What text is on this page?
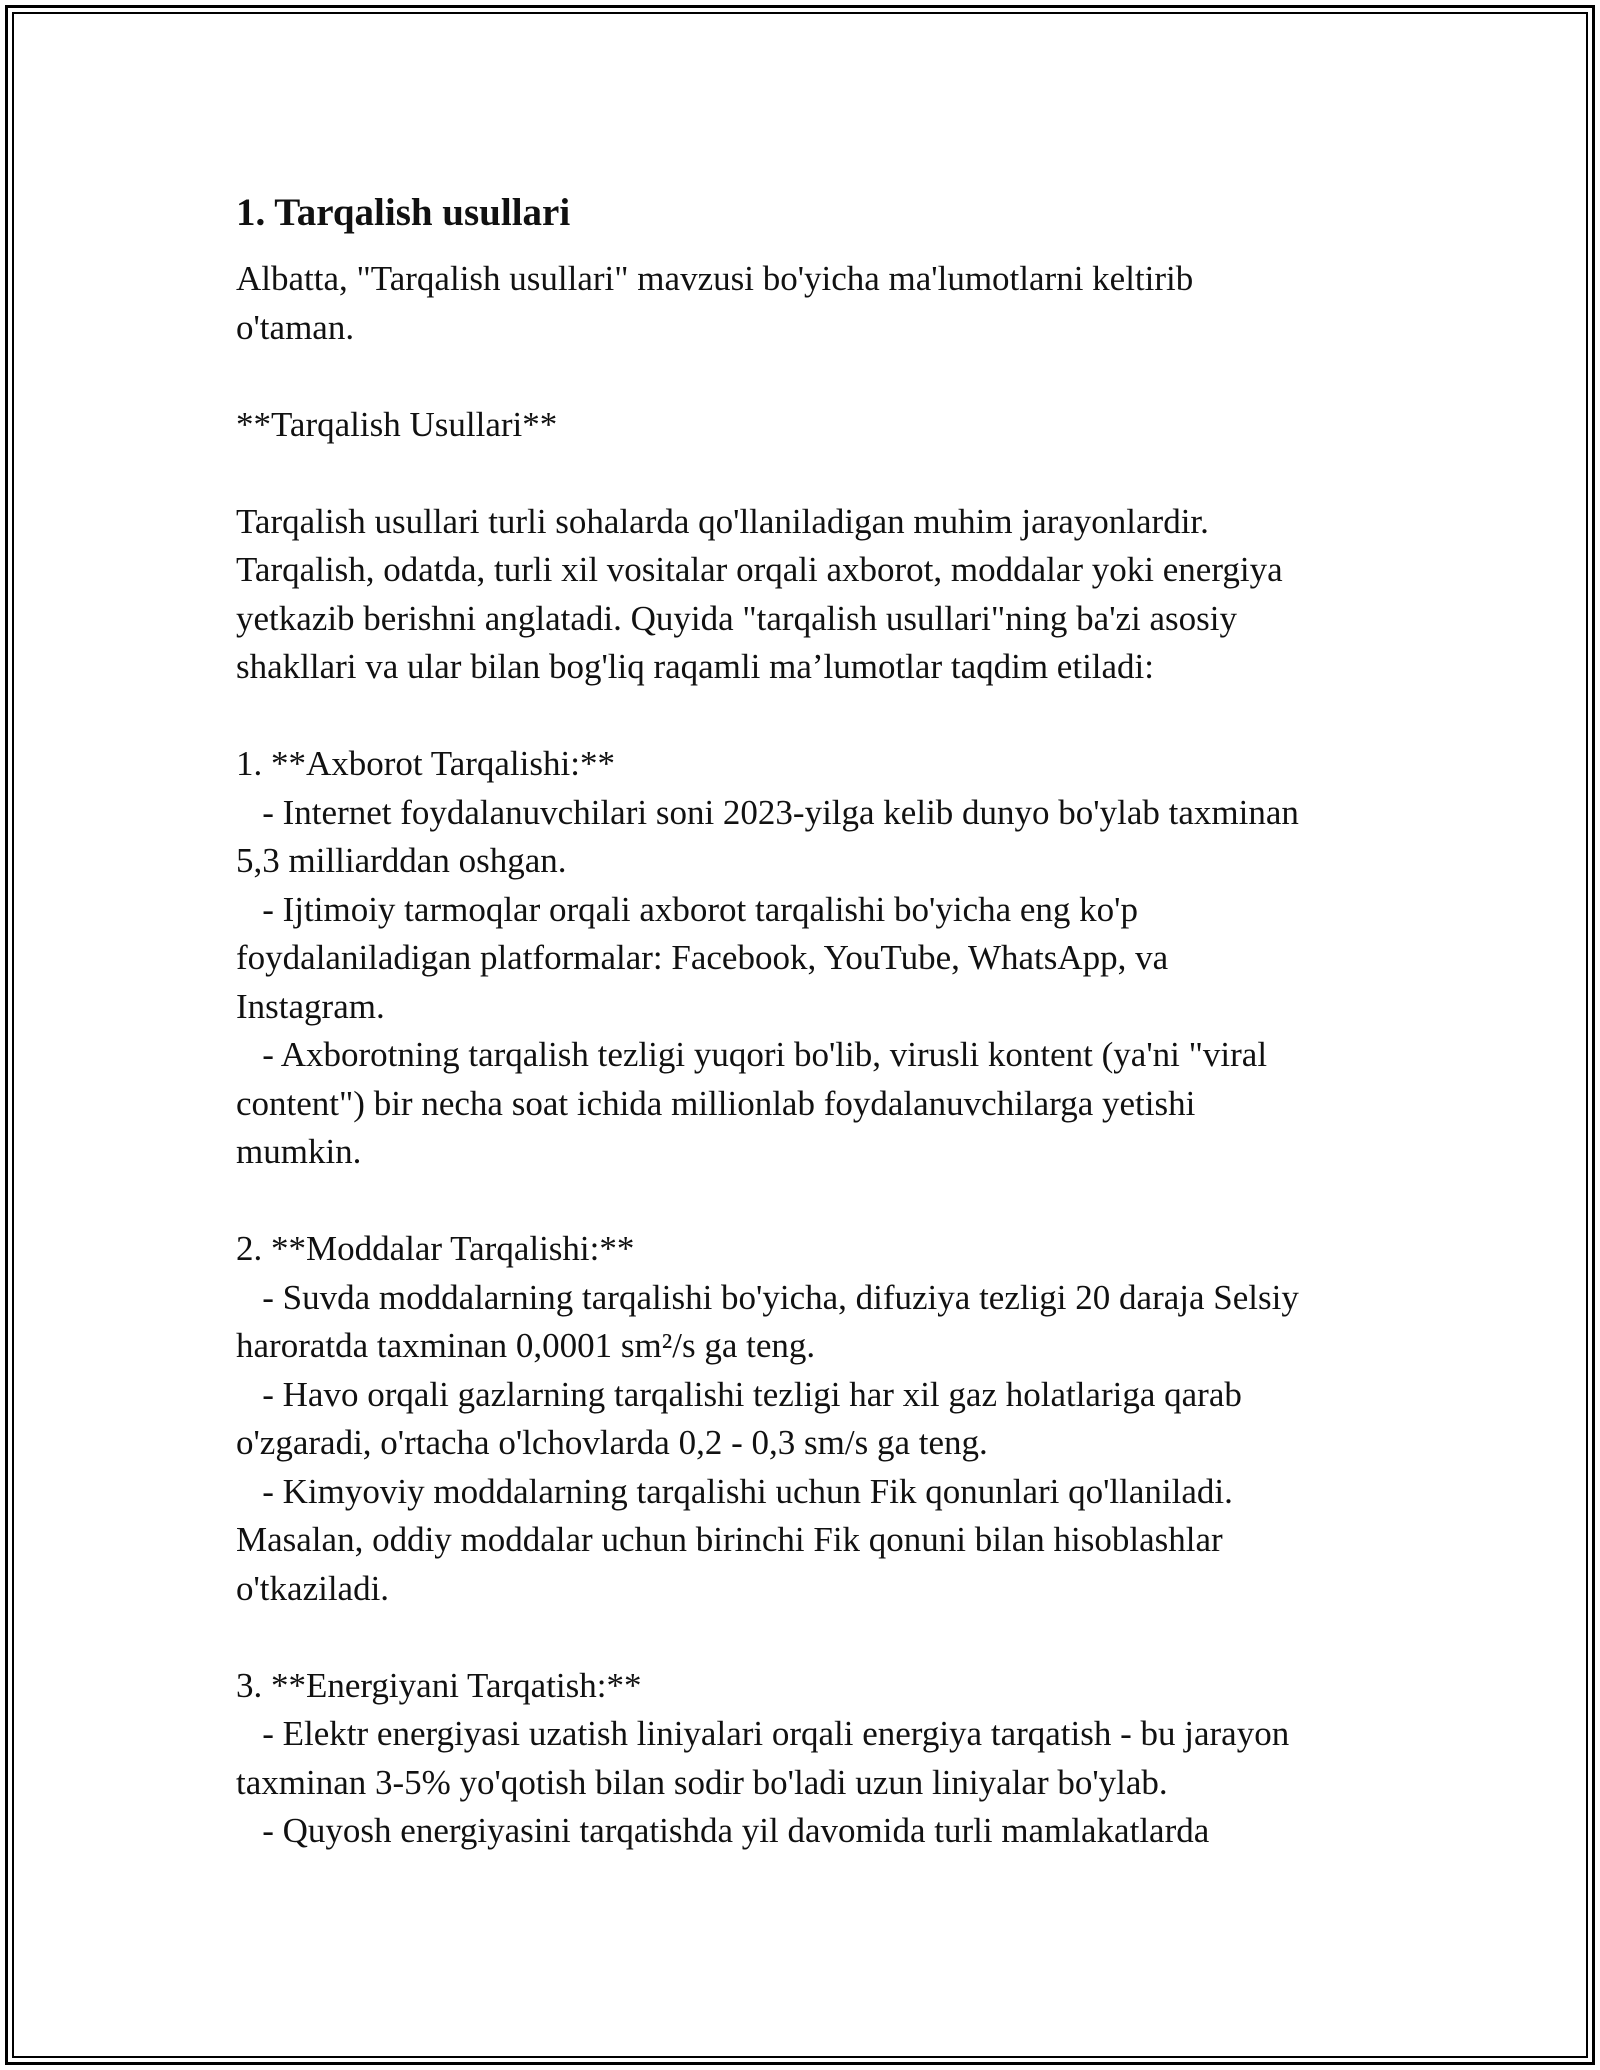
1. Tarqalish usullari
Albatta, "Tarqalish usullari" mavzusi bo'yicha ma'lumotlarni keltirib
o'taman.
**Tarqalish Usullari**
Tarqalish usullari turli sohalarda qo'llaniladigan muhim jarayonlardir.
Tarqalish, odatda, turli xil vositalar orqali axborot, moddalar yoki energiya
yetkazib berishni anglatadi. Quyida "tarqalish usullari"ning ba'zi asosiy
shakllari va ular bilan bog'liq raqamli ma’lumotlar taqdim etiladi:
1. **Axborot Tarqalishi:**
- Internet foydalanuvchilari soni 2023-yilga kelib dunyo bo'ylab taxminan
5,3 milliarddan oshgan.
- Ijtimoiy tarmoqlar orqali axborot tarqalishi bo'yicha eng ko'p
foydalaniladigan platformalar: Facebook, YouTube, WhatsApp, va
Instagram.
- Axborotning tarqalish tezligi yuqori bo'lib, virusli kontent (ya'ni "viral
content") bir necha soat ichida millionlab foydalanuvchilarga yetishi
mumkin.
2. **Moddalar Tarqalishi:**
- Suvda moddalarning tarqalishi bo'yicha, difuziya tezligi 20 daraja Selsiy
haroratda taxminan 0,0001 sm²/s ga teng.
- Havo orqali gazlarning tarqalishi tezligi har xil gaz holatlariga qarab
o'zgaradi, o'rtacha o'lchovlarda 0,2 - 0,3 sm/s ga teng.
- Kimyoviy moddalarning tarqalishi uchun Fik qonunlari qo'llaniladi.
Masalan, oddiy moddalar uchun birinchi Fik qonuni bilan hisoblashlar
o'tkaziladi.
3. **Energiyani Tarqatish:**
- Elektr energiyasi uzatish liniyalari orqali energiya tarqatish - bu jarayon
taxminan 3-5% yo'qotish bilan sodir bo'ladi uzun liniyalar bo'ylab.
- Quyosh energiyasini tarqatishda yil davomida turli mamlakatlarda
